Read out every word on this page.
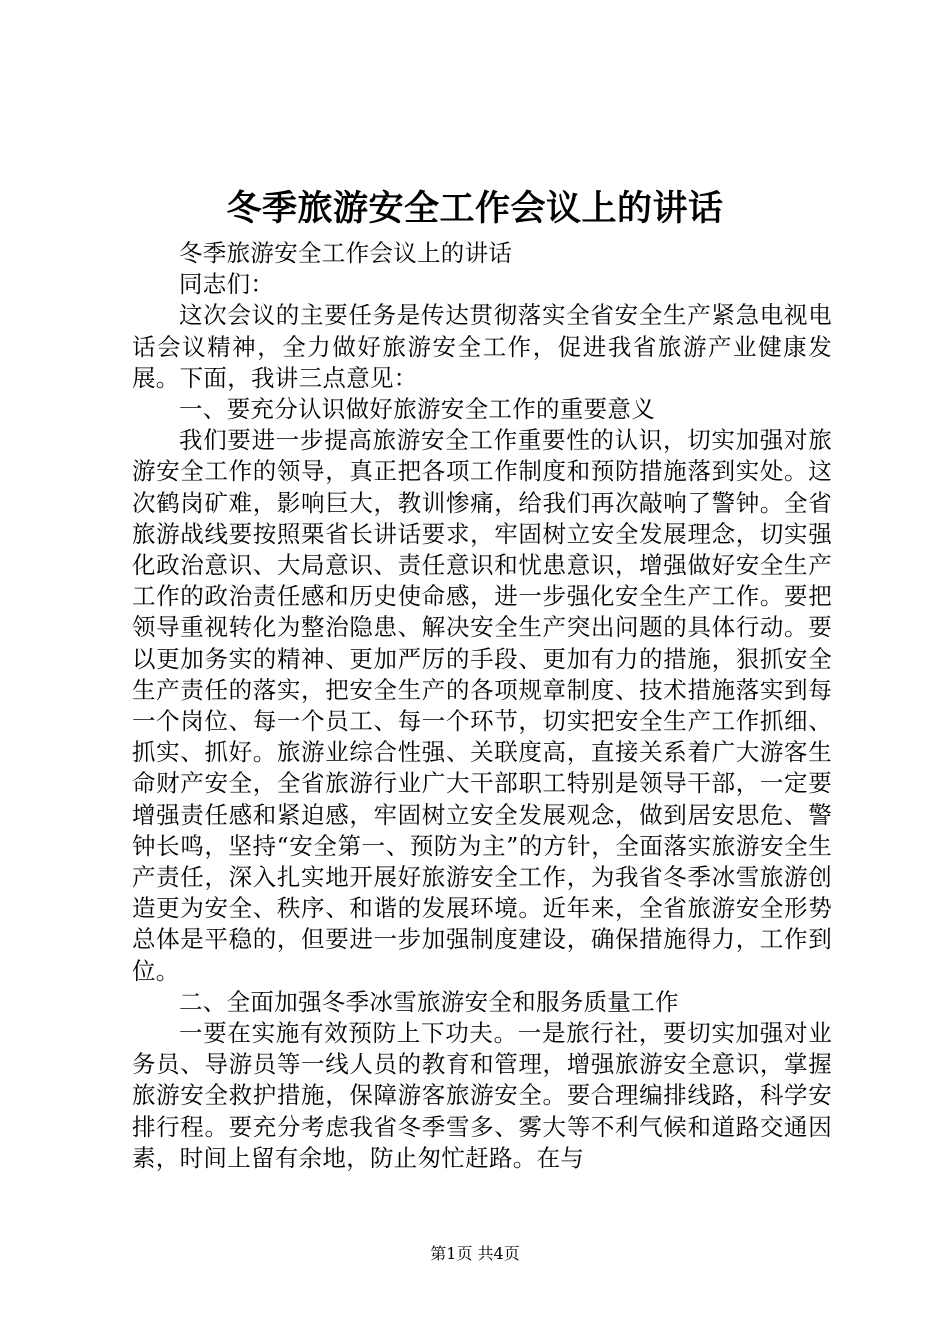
冬季旅游安全工作会议上的讲话

冬季旅游安全工作会议上的讲话

同志们：

这次会议的主要任务是传达贯彻落实全省安全生产紧急电视电话会议精神，全力做好旅游安全工作，促进我省旅游产业健康发展。下面，我讲三点意见：

一、要充分认识做好旅游安全工作的重要意义

我们要进一步提高旅游安全工作重要性的认识，切实加强对旅游安全工作的领导，真正把各项工作制度和预防措施落到实处。这次鹤岗矿难，影响巨大，教训惨痛，给我们再次敲响了警钟。全省旅游战线要按照栗省长讲话要求，牢固树立安全发展理念，切实强化政治意识、大局意识、责任意识和忧患意识，增强做好安全生产工作的政治责任感和历史使命感，进一步强化安全生产工作。要把领导重视转化为整治隐患、解决安全生产突出问题的具体行动。要以更加务实的精神、更加严厉的手段、更加有力的措施，狠抓安全生产责任的落实，把安全生产的各项规章制度、技术措施落实到每一个岗位、每一个员工、每一个环节，切实把安全生产工作抓细、抓实、抓好。旅游业综合性强、关联度高，直接关系着广大游客生命财产安全，全省旅游行业广大干部职工特别是领导干部，一定要增强责任感和紧迫感，牢固树立安全发展观念，做到居安思危、警钟长鸣，坚持“安全第一、预防为主”的方针，全面落实旅游安全生产责任，深入扎实地开展好旅游安全工作，为我省冬季冰雪旅游创造更为安全、秩序、和谐的发展环境。近年来，全省旅游安全形势总体是平稳的，但要进一步加强制度建设，确保措施得力，工作到位。

二、全面加强冬季冰雪旅游安全和服务质量工作

一要在实施有效预防上下功夫。一是旅行社，要切实加强对业务员、导游员等一线人员的教育和管理，增强旅游安全意识，掌握旅游安全救护措施，保障游客旅游安全。要合理编排线路，科学安排行程。要充分考虑我省冬季雪多、雾大等不利气候和道路交通因素，时间上留有余地，防止匆忙赶路。在与

第1页 共4页
